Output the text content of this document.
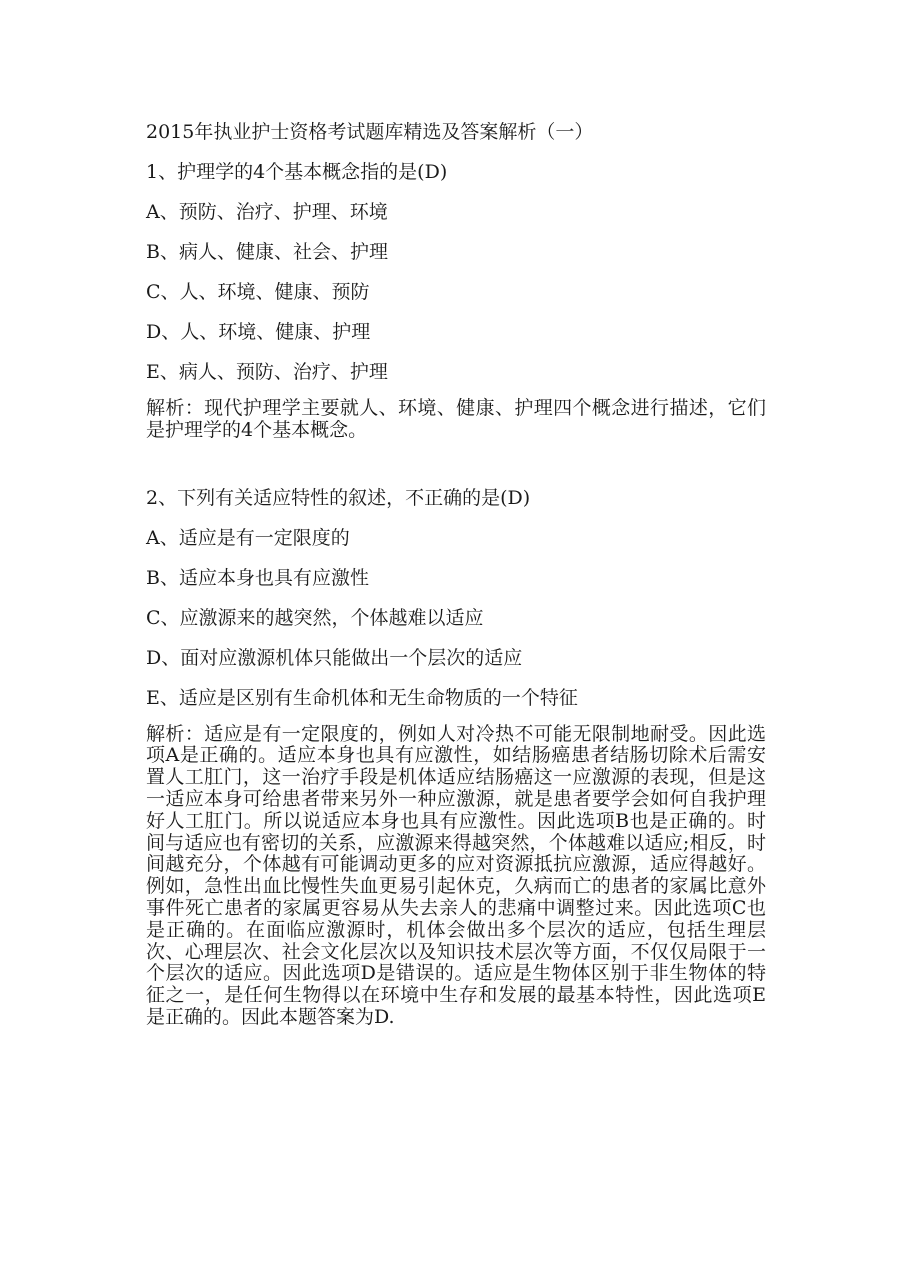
2015年执业护士资格考试题库精选及答案解析（一）
1、护理学的4个基本概念指的是(D)
A、预防、治疗、护理、环境
B、病人、健康、社会、护理
C、人、环境、健康、预防
D、人、环境、健康、护理
E、病人、预防、治疗、护理

解析：现代护理学主要就人、环境、健康、护理四个概念进行描述，它们是护理学的4个基本概念。

2、下列有关适应特性的叙述，不正确的是(D)
A、适应是有一定限度的
B、适应本身也具有应激性
C、应激源来的越突然，个体越难以适应
D、面对应激源机体只能做出一个层次的适应
E、适应是区别有生命机体和无生命物质的一个特征

解析：适应是有一定限度的，例如人对冷热不可能无限制地耐受。因此选项A是正确的。适应本身也具有应激性，如结肠癌患者结肠切除术后需安置人工肛门，这一治疗手段是机体适应结肠癌这一应激源的表现，但是这一适应本身可给患者带来另外一种应激源，就是患者要学会如何自我护理好人工肛门。所以说适应本身也具有应激性。因此选项B也是正确的。时间与适应也有密切的关系，应激源来得越突然，个体越难以适应;相反，时间越充分，个体越有可能调动更多的应对资源抵抗应激源，适应得越好。例如，急性出血比慢性失血更易引起休克，久病而亡的患者的家属比意外事件死亡患者的家属更容易从失去亲人的悲痛中调整过来。因此选项C也是正确的。在面临应激源时，机体会做出多个层次的适应，包括生理层次、心理层次、社会文化层次以及知识技术层次等方面，不仅仅局限于一个层次的适应。因此选项D是错误的。适应是生物体区别于非生物体的特征之一，是任何生物得以在环境中生存和发展的最基本特性，因此选项E是正确的。因此本题答案为D.
